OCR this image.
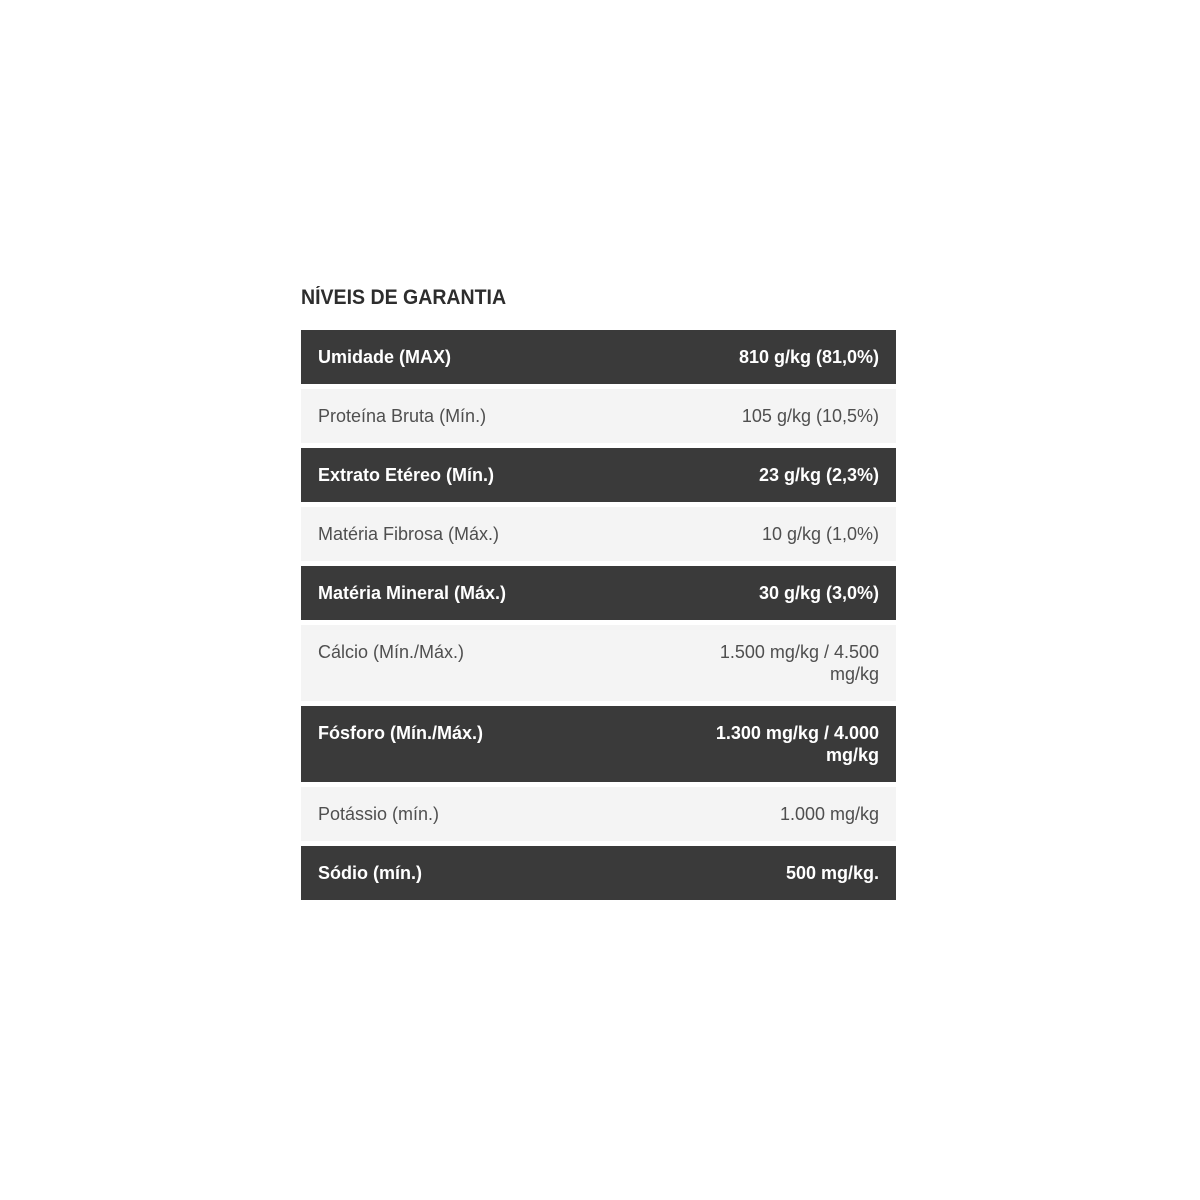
NÍVEIS DE GARANTIA
Umidade (MAX)	810 g/kg (81,0%)
Proteína Bruta (Mín.)	105 g/kg (10,5%)
Extrato Etéreo (Mín.)	23 g/kg (2,3%)
Matéria Fibrosa (Máx.)	10 g/kg (1,0%)
Matéria Mineral (Máx.)	30 g/kg (3,0%)
Cálcio (Mín./Máx.)	1.500 mg/kg / 4.500 mg/kg
Fósforo (Mín./Máx.)	1.300 mg/kg / 4.000 mg/kg
Potássio (mín.)	1.000 mg/kg
Sódio (mín.)	500 mg/kg.
